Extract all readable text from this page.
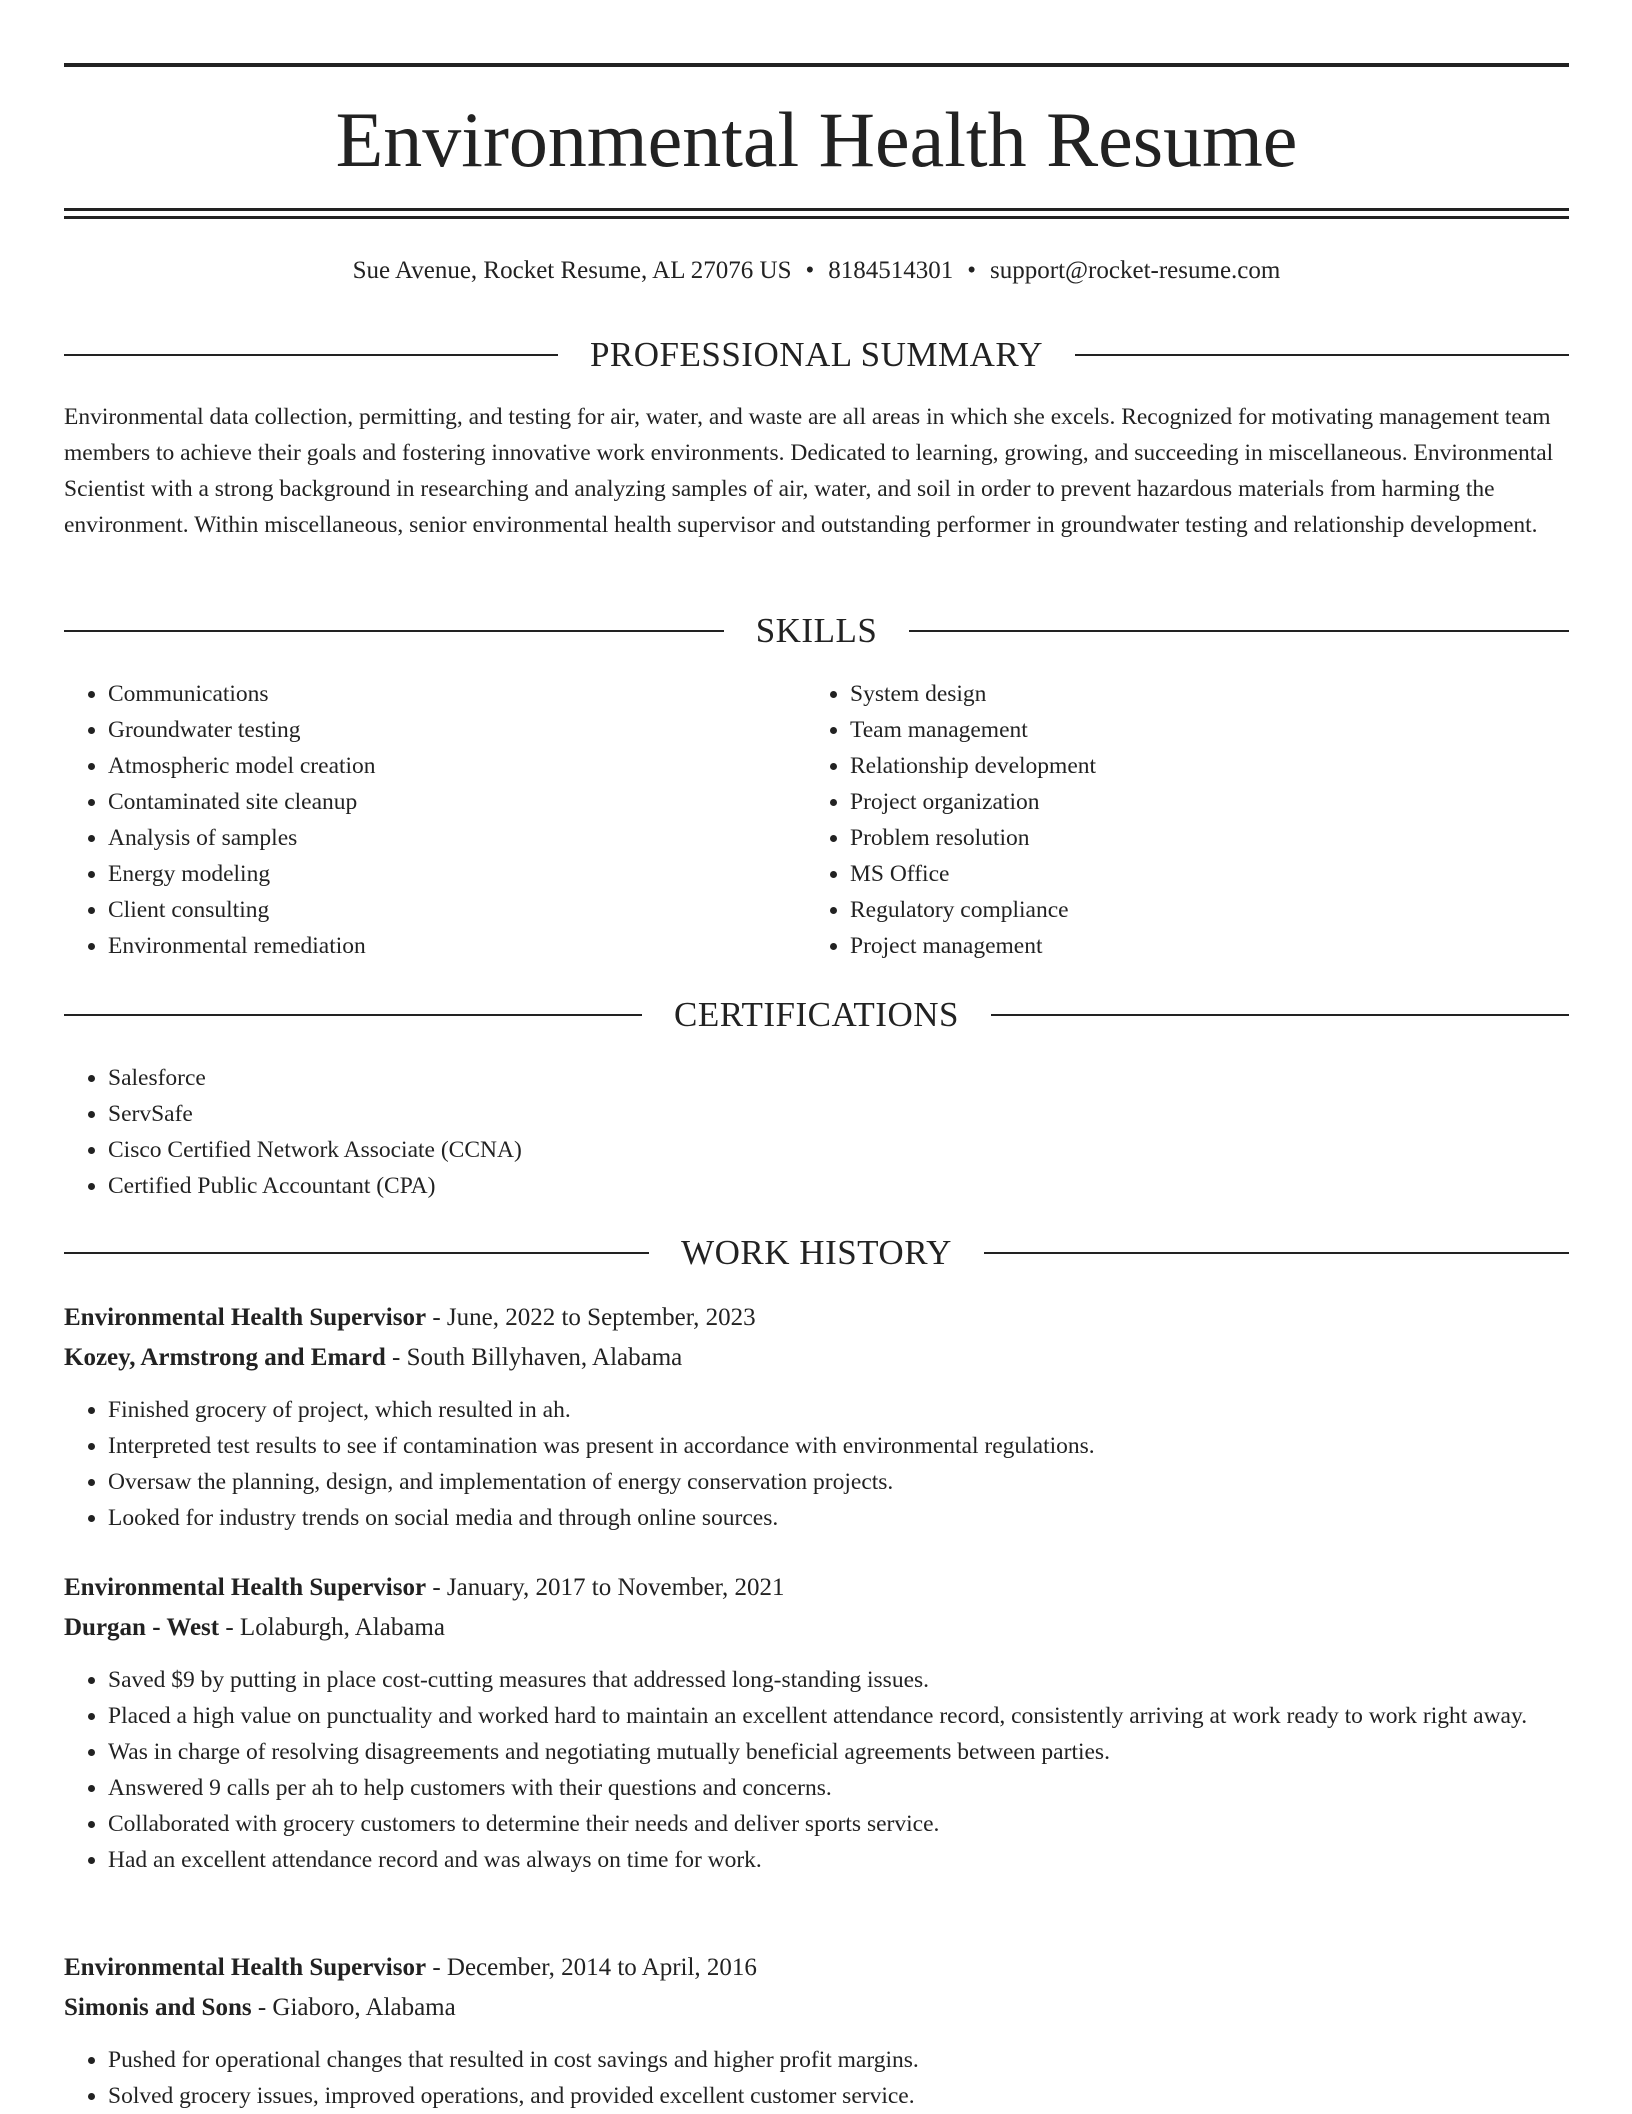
Environmental Health Resume
Sue Avenue, Rocket Resume, AL 27076 US • 8184514301 • support@rocket-resume.com
PROFESSIONAL SUMMARY

Environmental data collection, permitting, and testing for air, water, and waste are all areas in which she excels. Recognized for motivating management team members to achieve their goals and fostering innovative work environments. Dedicated to learning, growing, and succeeding in miscellaneous. Environmental Scientist with a strong background in researching and analyzing samples of air, water, and soil in order to prevent hazardous materials from harming the environment. Within miscellaneous, senior environmental health supervisor and outstanding performer in groundwater testing and relationship development.

SKILLS
• Communications
• Groundwater testing
• Atmospheric model creation
• Contaminated site cleanup
• Analysis of samples
• Energy modeling
• Client consulting
• Environmental remediation
• System design
• Team management
• Relationship development
• Project organization
• Problem resolution
• MS Office
• Regulatory compliance
• Project management
CERTIFICATIONS
• Salesforce
• ServSafe
• Cisco Certified Network Associate (CCNA)
• Certified Public Accountant (CPA)
WORK HISTORY
Environmental Health Supervisor - June, 2022 to September, 2023
Kozey, Armstrong and Emard - South Billyhaven, Alabama
• Finished grocery of project, which resulted in ah.
• Interpreted test results to see if contamination was present in accordance with environmental regulations.
• Oversaw the planning, design, and implementation of energy conservation projects.
• Looked for industry trends on social media and through online sources.
Environmental Health Supervisor - January, 2017 to November, 2021
Durgan - West - Lolaburgh, Alabama
• Saved $9 by putting in place cost-cutting measures that addressed long-standing issues.
• Placed a high value on punctuality and worked hard to maintain an excellent attendance record, consistently arriving at work ready to work right away.
• Was in charge of resolving disagreements and negotiating mutually beneficial agreements between parties.
• Answered 9 calls per ah to help customers with their questions and concerns.
• Collaborated with grocery customers to determine their needs and deliver sports service.
• Had an excellent attendance record and was always on time for work.
Environmental Health Supervisor - December, 2014 to April, 2016
Simonis and Sons - Giaboro, Alabama
• Pushed for operational changes that resulted in cost savings and higher profit margins.
• Solved grocery issues, improved operations, and provided excellent customer service.
